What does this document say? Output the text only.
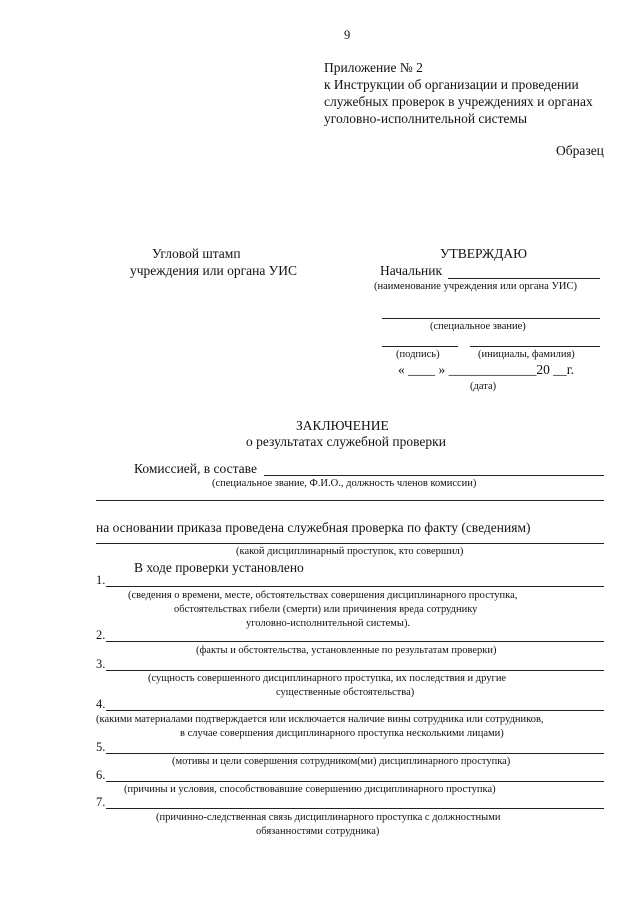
9
Приложение № 2
к Инструкции об организации и проведении
служебных проверок в учреждениях и органах
уголовно-исполнительной системы
Образец
Угловой штамп
учреждения или органа УИС
УТВЕРЖДАЮ
Начальник
(наименование учреждения или органа УИС)
(специальное звание)
(подпись)	(инициалы, фамилия)
« ____ » _____________20 __г.
(дата)
ЗАКЛЮЧЕНИЕ
о результатах служебной проверки
Комиссией, в составе
(специальное звание, Ф.И.О., должность членов комиссии)
на основании приказа проведена служебная проверка по факту (сведениям)
(какой дисциплинарный проступок, кто совершил)
В ходе проверки установлено
1.
(сведения о времени, месте, обстоятельствах совершения дисциплинарного проступка,
обстоятельствах гибели (смерти) или причинения вреда сотруднику
уголовно-исполнительной системы).
2.
(факты и обстоятельства, установленные по результатам проверки)
3.
(сущность совершенного дисциплинарного проступка, их последствия и другие
существенные обстоятельства)
4.
(какими материалами подтверждается или исключается наличие вины сотрудника или сотрудников,
в случае совершения дисциплинарного проступка несколькими лицами)
5.
(мотивы и цели совершения сотрудником(ми) дисциплинарного проступка)
6.
(причины и условия, способствовавшие совершению дисциплинарного проступка)
7.
(причинно-следственная связь дисциплинарного проступка с должностными
обязанностями сотрудника)
